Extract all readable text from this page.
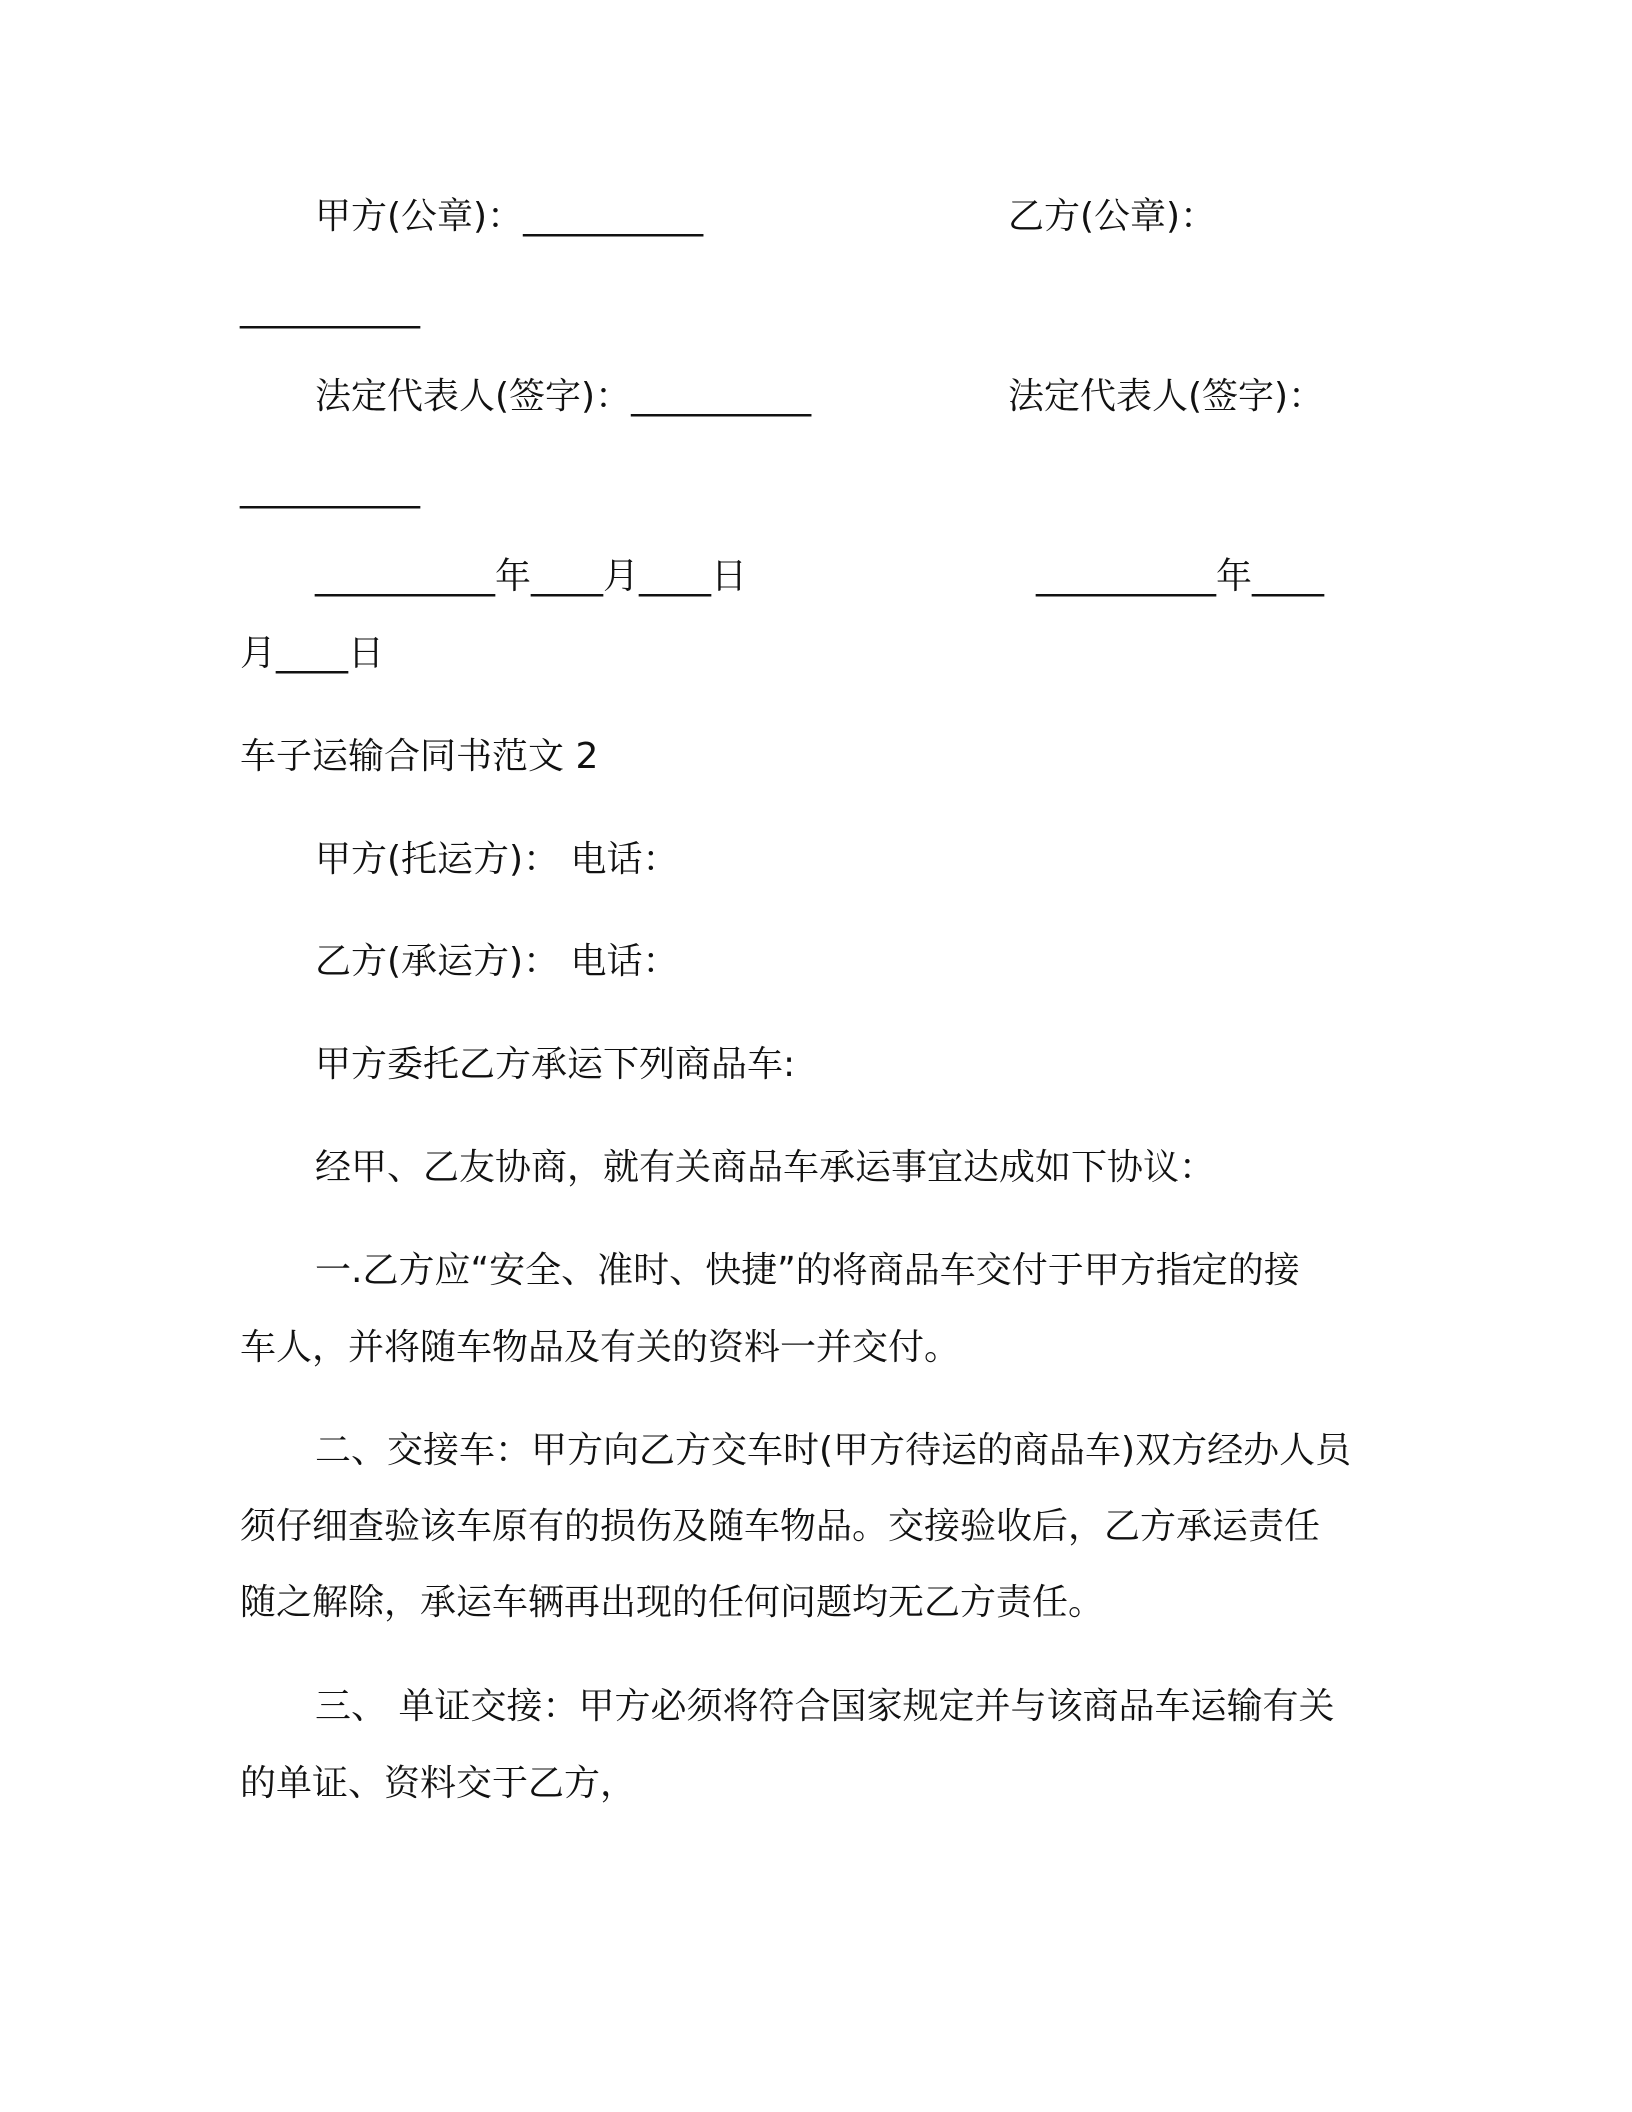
甲方(公章)：__________	乙方(公章)：
__________
法定代表人(签字)：__________	法定代表人(签字)：
__________
__________年____月____日	__________年____
月____日
车子运输合同书范文 2
甲方(托运方)： 电话：
乙方(承运方)： 电话：
甲方委托乙方承运下列商品车:
经甲、乙友协商，就有关商品车承运事宜达成如下协议：
一.乙方应“安全、准时、快捷”的将商品车交付于甲方指定的接
车人，并将随车物品及有关的资料一并交付。
二、交接车：甲方向乙方交车时(甲方待运的商品车)双方经办人员
须仔细查验该车原有的损伤及随车物品。交接验收后，乙方承运责任
随之解除，承运车辆再出现的任何问题均无乙方责任。
三、 单证交接：甲方必须将符合国家规定并与该商品车运输有关
的单证、资料交于乙方，
